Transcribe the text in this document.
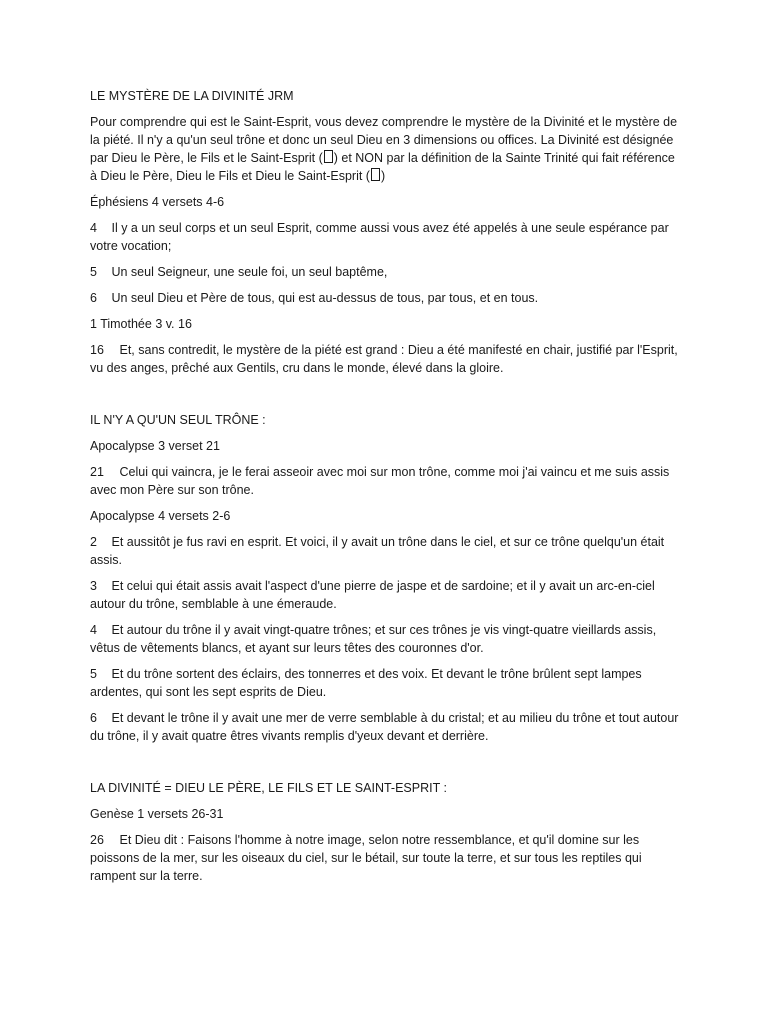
LE MYSTÈRE DE LA DIVINITÉ JRM
Pour comprendre qui est le Saint-Esprit, vous devez comprendre le mystère de la Divinité et le mystère de la piété. Il n'y a qu'un seul trône et donc un seul Dieu en 3 dimensions ou offices. La Divinité est désignée par Dieu le Père, le Fils et le Saint-Esprit ( ) et NON par la définition de la Sainte Trinité qui fait référence à Dieu le Père, Dieu le Fils et Dieu le Saint-Esprit ( )
Éphésiens 4 versets 4-6
4 Il y a un seul corps et un seul Esprit, comme aussi vous avez été appelés à une seule espérance par votre vocation;
5 Un seul Seigneur, une seule foi, un seul baptême,
6 Un seul Dieu et Père de tous, qui est au-dessus de tous, par tous, et en tous.
1 Timothée 3 v. 16
16 Et, sans contredit, le mystère de la piété est grand : Dieu a été manifesté en chair, justifié par l'Esprit, vu des anges, prêché aux Gentils, cru dans le monde, élevé dans la gloire.
IL N'Y A QU'UN SEUL TRÔNE :
Apocalypse 3 verset 21
21 Celui qui vaincra, je le ferai asseoir avec moi sur mon trône, comme moi j'ai vaincu et me suis assis avec mon Père sur son trône.
Apocalypse 4 versets 2-6
2 Et aussitôt je fus ravi en esprit. Et voici, il y avait un trône dans le ciel, et sur ce trône quelqu'un était assis.
3 Et celui qui était assis avait l'aspect d'une pierre de jaspe et de sardoine; et il y avait un arc-en-ciel autour du trône, semblable à une émeraude.
4 Et autour du trône il y avait vingt-quatre trônes; et sur ces trônes je vis vingt-quatre vieillards assis, vêtus de vêtements blancs, et ayant sur leurs têtes des couronnes d'or.
5 Et du trône sortent des éclairs, des tonnerres et des voix. Et devant le trône brûlent sept lampes ardentes, qui sont les sept esprits de Dieu.
6 Et devant le trône il y avait une mer de verre semblable à du cristal; et au milieu du trône et tout autour du trône, il y avait quatre êtres vivants remplis d'yeux devant et derrière.
LA DIVINITÉ = DIEU LE PÈRE, LE FILS ET LE SAINT-ESPRIT :
Genèse 1 versets 26-31
26 Et Dieu dit : Faisons l'homme à notre image, selon notre ressemblance, et qu'il domine sur les poissons de la mer, sur les oiseaux du ciel, sur le bétail, sur toute la terre, et sur tous les reptiles qui rampent sur la terre.
